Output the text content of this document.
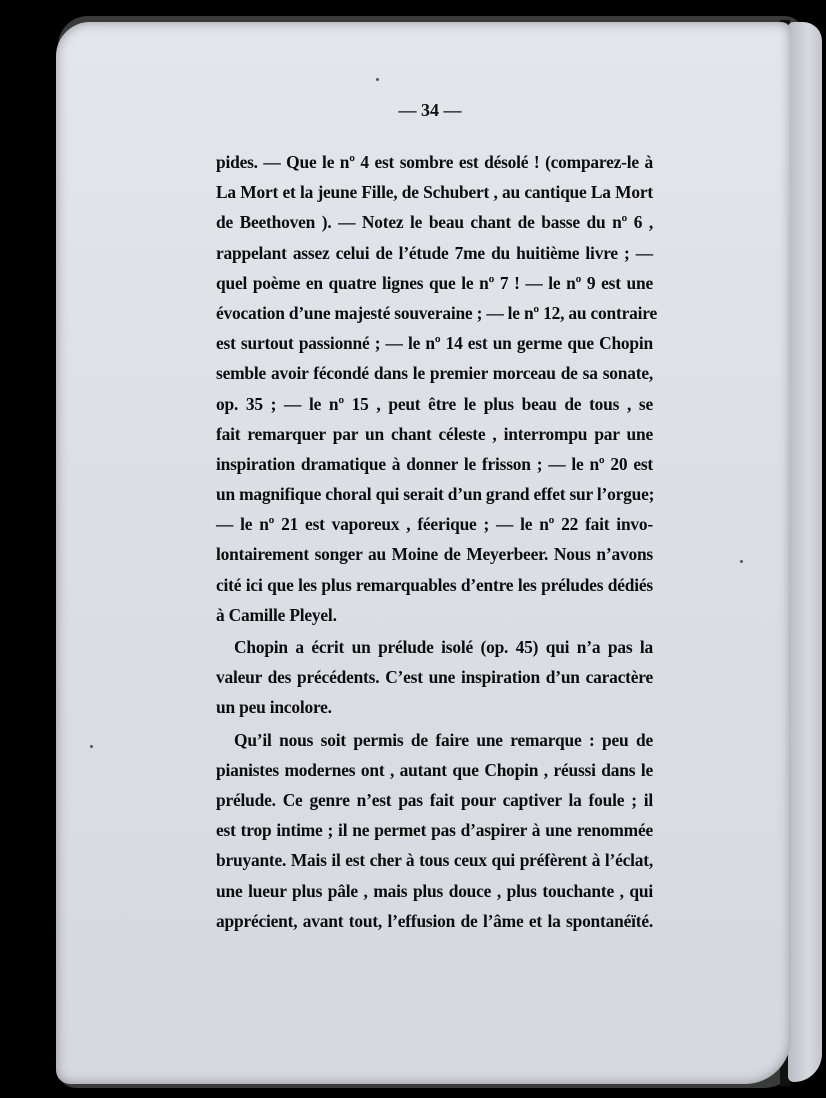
— 34 —
pides. — Que le nº 4 est sombre est désolé ! (comparez-le à
La Mort et la jeune Fille, de Schubert , au cantique La Mort
de Beethoven ). — Notez le beau chant de basse du nº 6 ,
rappelant assez celui de l’étude 7me du huitième livre ; —
quel poème en quatre lignes que le nº 7 ! — le nº 9 est une
évocation d’une majesté souveraine ; — le nº 12, au contraire
est surtout passionné ; — le nº 14 est un germe que Chopin
semble avoir fécondé dans le premier morceau de sa sonate,
op. 35 ; — le nº 15 , peut être le plus beau de tous , se
fait remarquer par un chant céleste , interrompu par une
inspiration dramatique à donner le frisson ; — le nº 20 est
un magnifique choral qui serait d’un grand effet sur l’orgue;
— le nº 21 est vaporeux , féerique ; — le nº 22 fait invo-
lontairement songer au Moine de Meyerbeer. Nous n’avons
cité ici que les plus remarquables d’entre les préludes dédiés
à Camille Pleyel.
Chopin a écrit un prélude isolé (op. 45) qui n’a pas la
valeur des précédents. C’est une inspiration d’un caractère
un peu incolore.
Qu’il nous soit permis de faire une remarque : peu de
pianistes modernes ont , autant que Chopin , réussi dans le
prélude. Ce genre n’est pas fait pour captiver la foule ; il
est trop intime ; il ne permet pas d’aspirer à une renommée
bruyante. Mais il est cher à tous ceux qui préfèrent à l’éclat,
une lueur plus pâle , mais plus douce , plus touchante , qui
apprécient, avant tout, l’effusion de l’âme et la spontanéïté.
